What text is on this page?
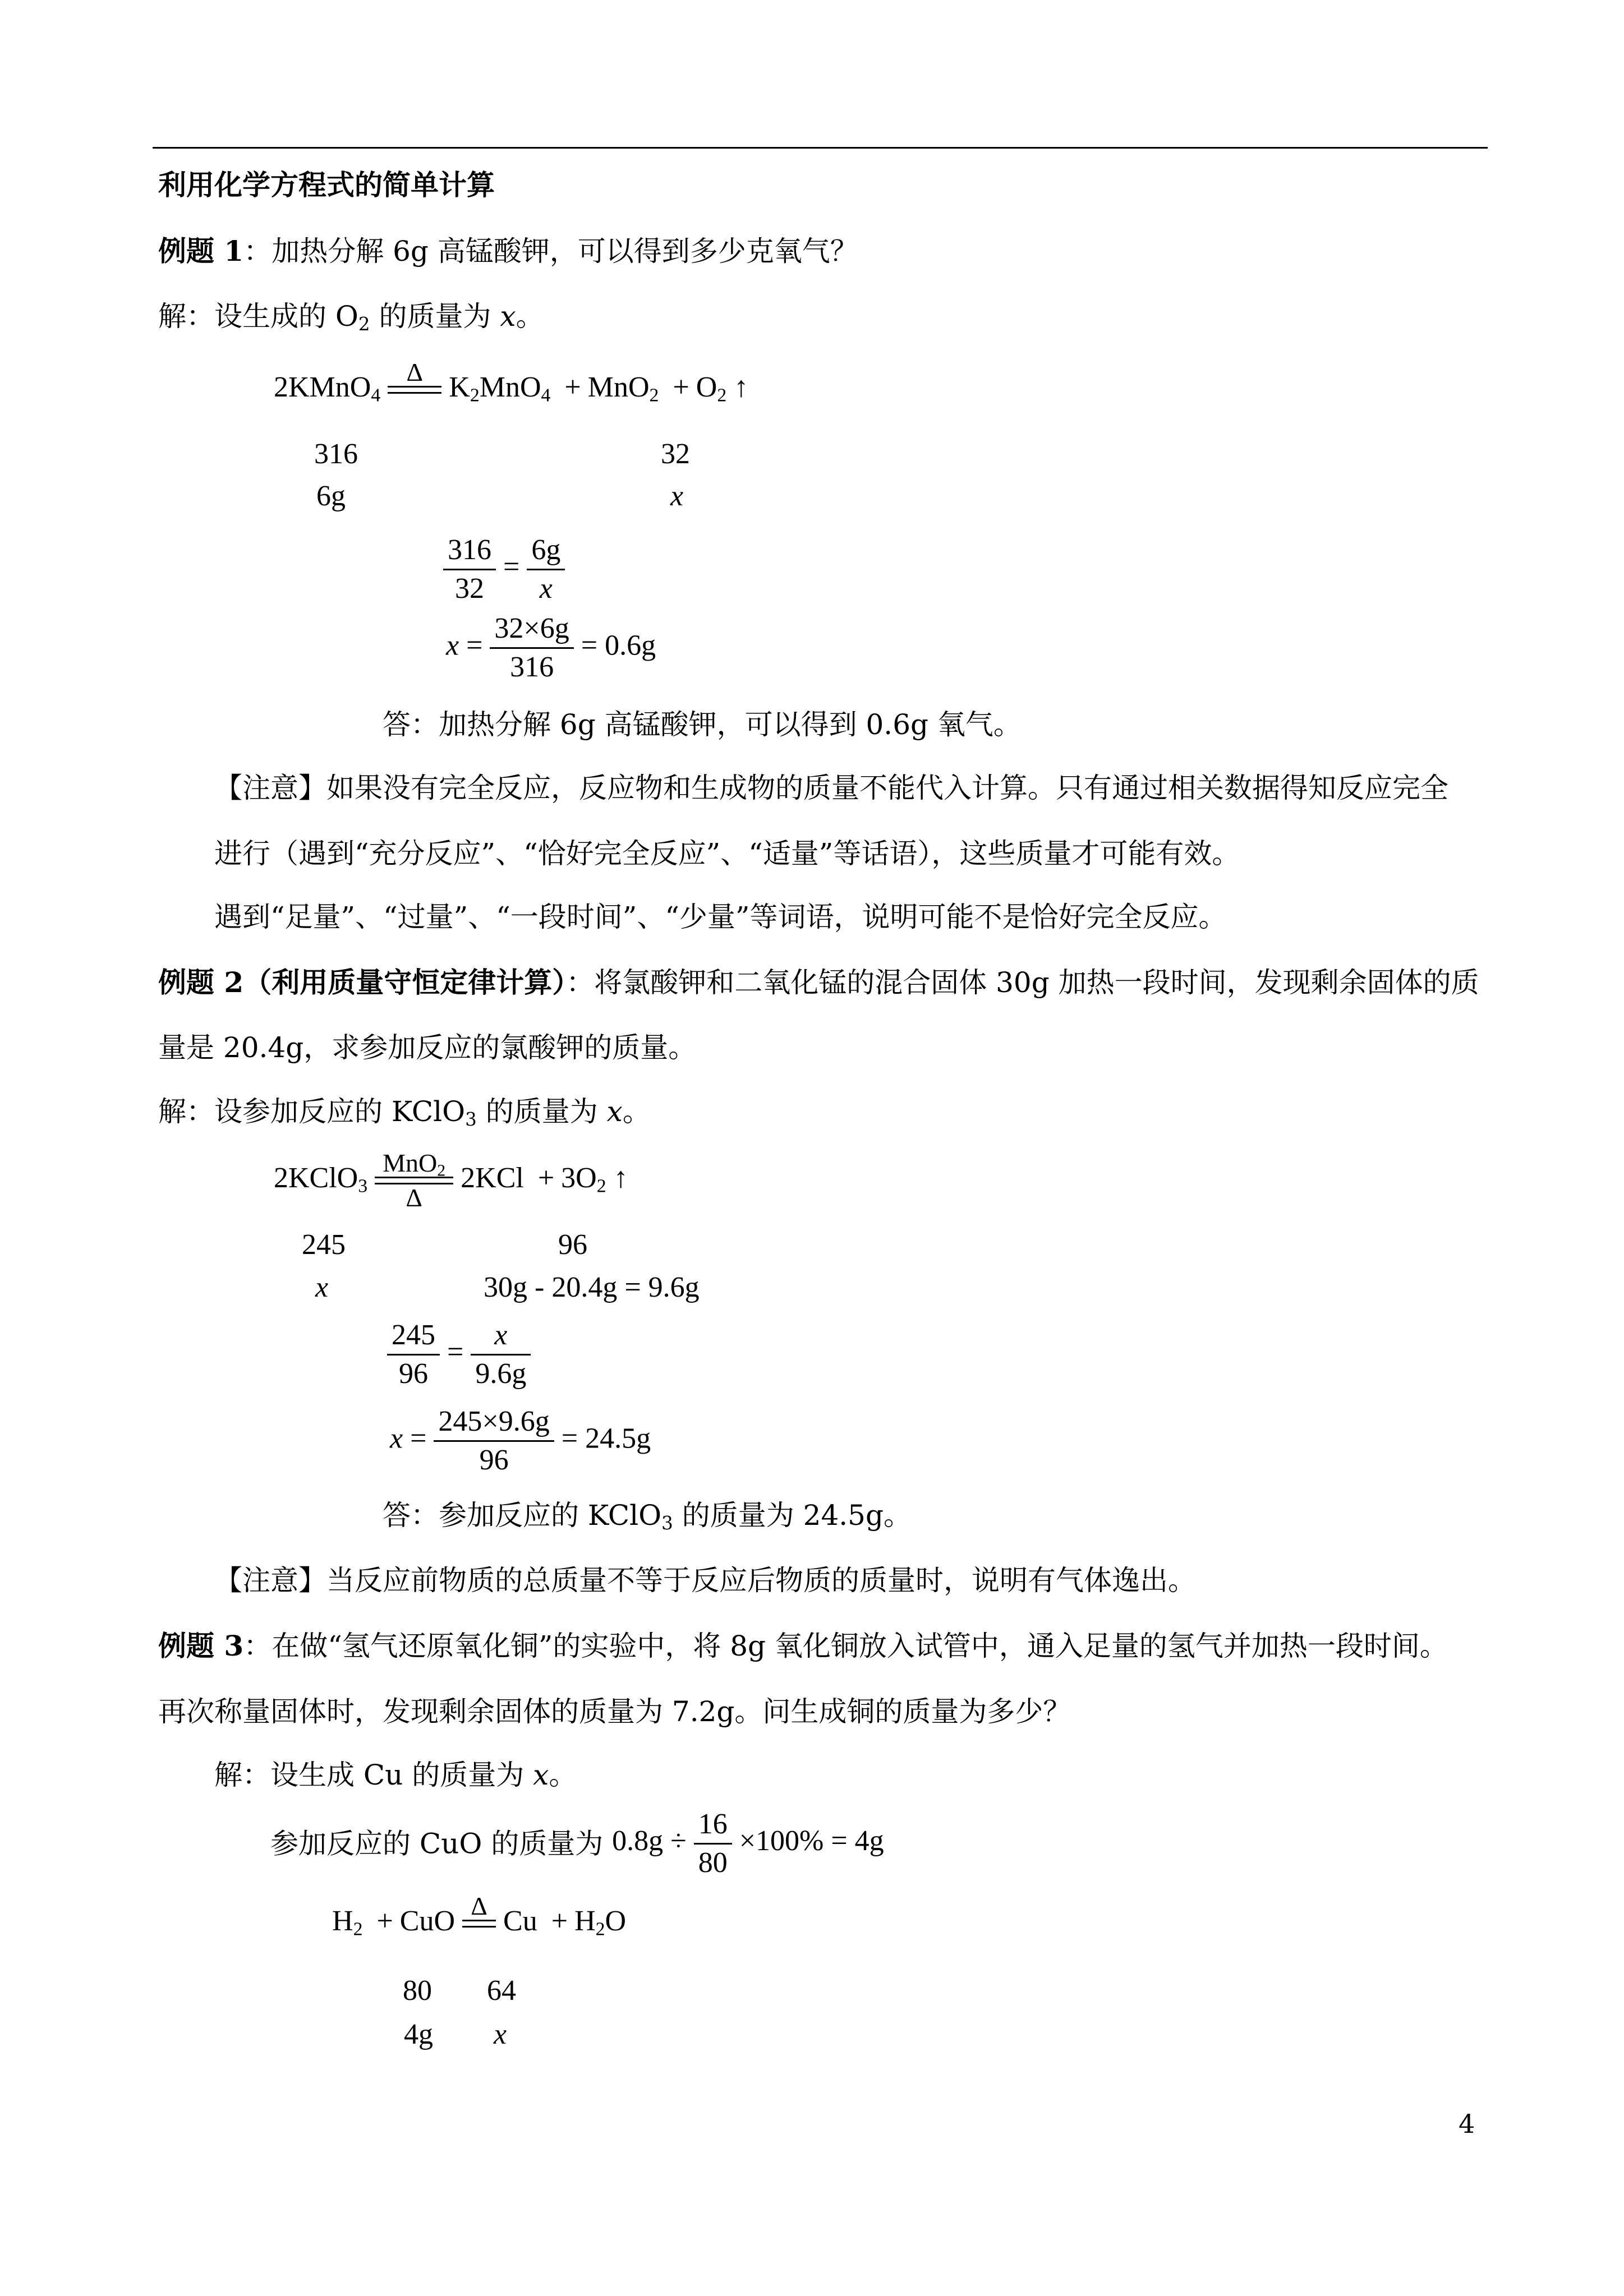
利用化学方程式的简单计算
例题 1：加热分解 6g 高锰酸钾，可以得到多少克氧气？
解：设生成的 $O_2$ 的质量为 x。
2KMnO$_4$
Δ $K_2MnO_4 + MnO_2 + O_2$ ↑
316	32
6g	x
$\frac{316}{32} = \frac{6g}{x}$
$x = \frac{32\times 6g}{316} = 0.6g$
答：加热分解 6g 高锰酸钾，可以得到 0.6g 氧气。
【注意】如果没有完全反应，反应物和生成物的质量不能代入计算。只有通过相关数据得知反应完全
进行（遇到“充分反应”、“恰好完全反应”、“适量”等话语），这些质量才可能有效。
遇到“足量”、“过量”、“一段时间”、“少量”等词语，说明可能不是恰好完全反应。
例题 2（利用质量守恒定律计算）：将氯酸钾和二氧化锰的混合固体 30g 加热一段时间，发现剩余固体的质
量是 20.4g，求参加反应的氯酸钾的质量。
解：设参加反应的 KClO$_3$ 的质量为 x。
2KClO$_3$
MnO$_2$
Δ
$2KCl + 3O_2$ ↑
245	96
x	30g - 20.4g = 9.6g
$\frac{245}{96} = \frac{x}{9.6g}$
$x = \frac{245\times 9.6g}{96} = 24.5g$
答：参加反应的 KClO$_3$ 的质量为 24.5g。
【注意】当反应前物质的总质量不等于反应后物质的质量时，说明有气体逸出。
例题 3：在做“氢气还原氧化铜”的实验中，将 8g 氧化铜放入试管中，通入足量的氢气并加热一段时间。
再次称量固体时，发现剩余固体的质量为 7.2g。问生成铜的质量为多少？
解：设生成 Cu 的质量为 x。
参加反应的 CuO 的质量为 $0.8g \div \frac{16}{80} \times 100\% = 4g$
$H_2$ + CuO Δ $Cu + H_2O$
80 64
4g x
4
